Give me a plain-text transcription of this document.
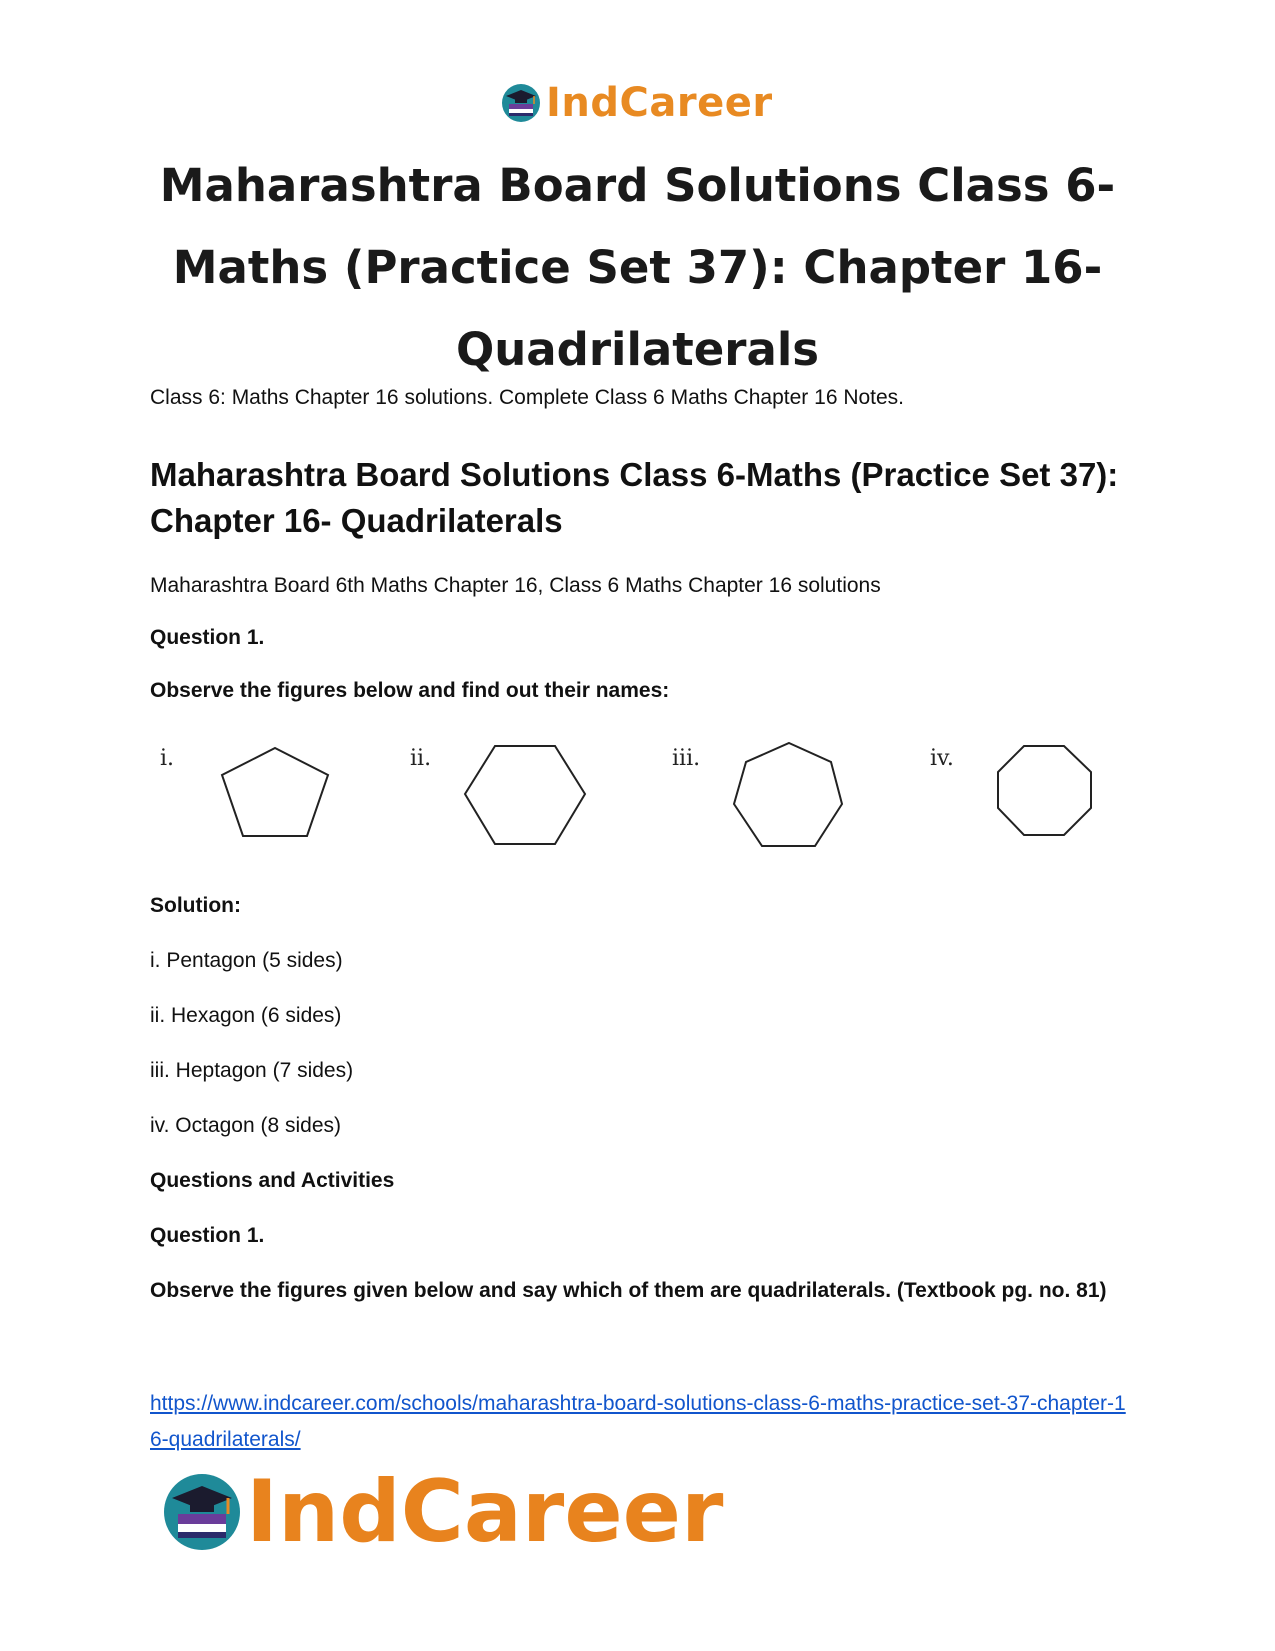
IndCareer
Maharashtra Board Solutions Class 6-Maths (Practice Set 37): Chapter 16- Quadrilaterals

Class 6: Maths Chapter 16 solutions. Complete Class 6 Maths Chapter 16 Notes.

Maharashtra Board Solutions Class 6-Maths (Practice Set 37): Chapter 16- Quadrilaterals

Maharashtra Board 6th Maths Chapter 16, Class 6 Maths Chapter 16 solutions

Question 1.

Observe the figures below and find out their names:

i.	ii.	iii.	iv.

Solution:

i. Pentagon (5 sides)

ii. Hexagon (6 sides)

iii. Heptagon (7 sides)

iv. Octagon (8 sides)

Questions and Activities

Question 1.

Observe the figures given below and say which of them are quadrilaterals. (Textbook pg. no. 81)

https://www.indcareer.com/schools/maharashtra-board-solutions-class-6-maths-practice-set-37-chapter-16-quadrilaterals/
IndCareer
